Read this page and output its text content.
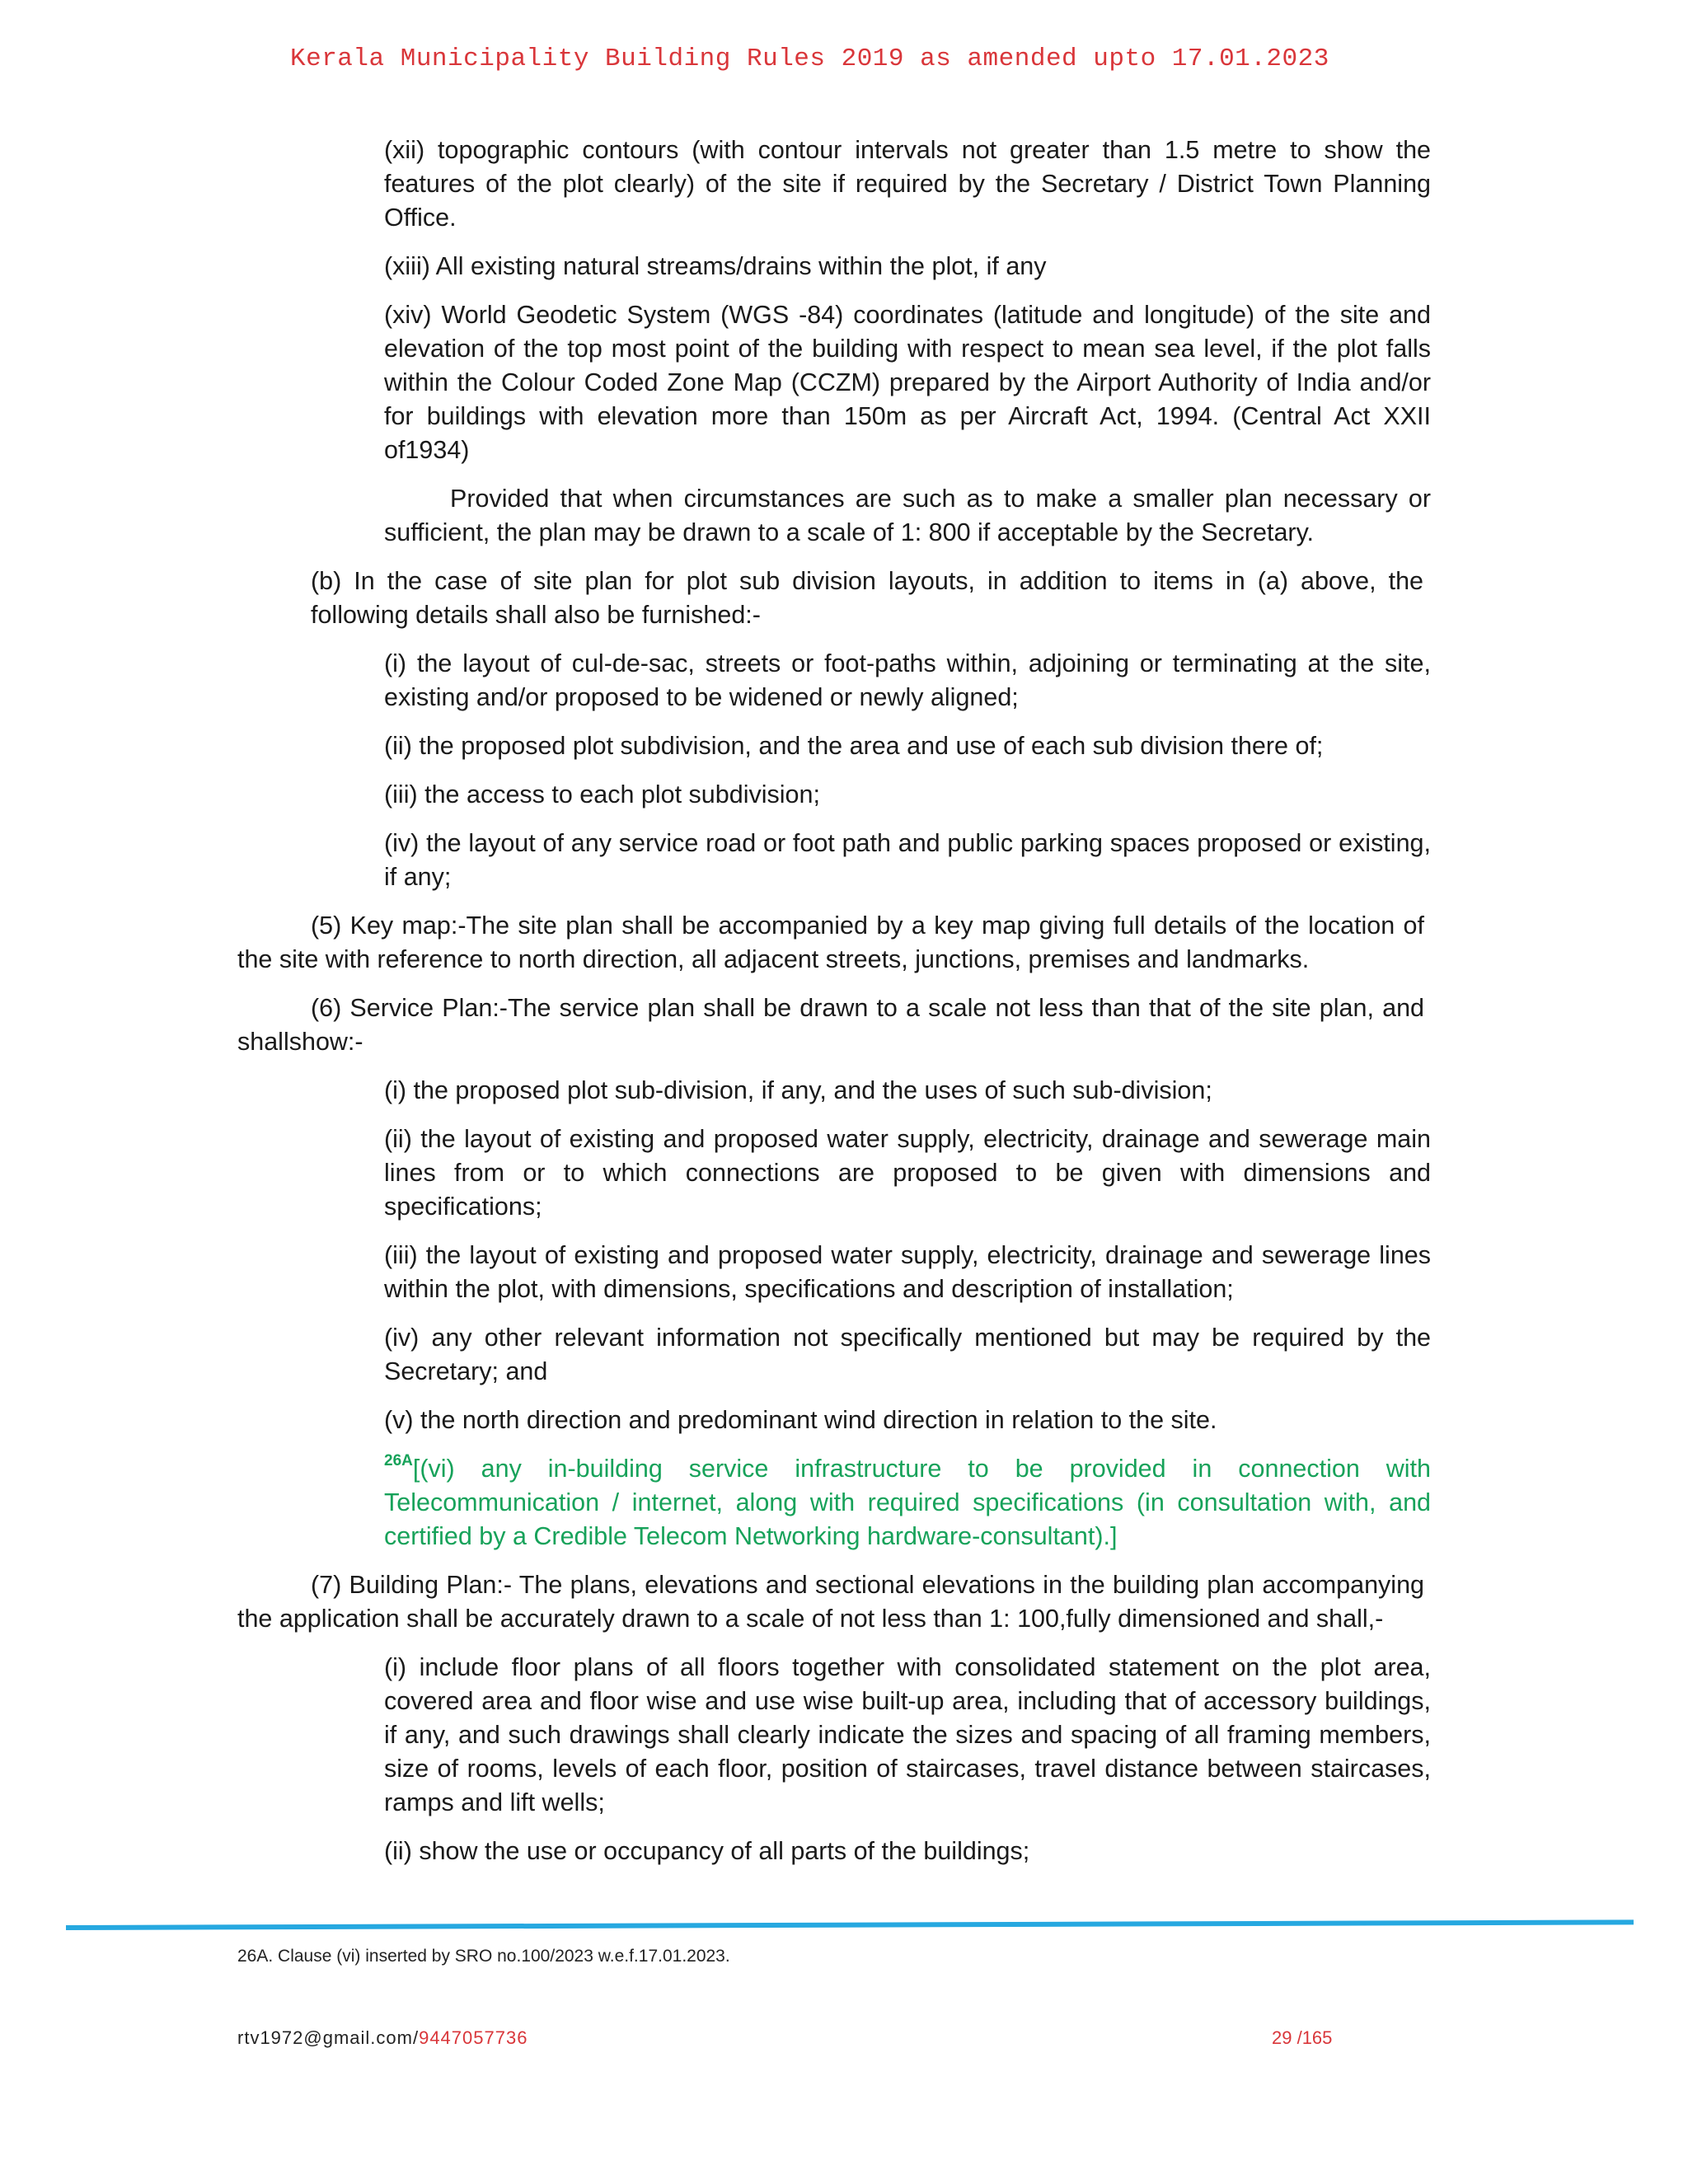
Kerala Municipality Building Rules 2019 as amended upto 17.01.2023
(xii) topographic contours (with contour intervals not greater than 1.5 metre to show the features of the plot clearly) of the site if required by the Secretary / District Town Planning Office.
(xiii) All existing natural streams/drains within the plot, if any
(xiv) World Geodetic System (WGS -84) coordinates (latitude and longitude) of the site and elevation of the top most point of the building with respect to mean sea level, if the plot falls within the Colour Coded Zone Map (CCZM) prepared by the Airport Authority of India and/or for buildings with elevation more than 150m as per Aircraft Act, 1994. (Central Act XXII of1934)
Provided that when circumstances are such as to make a smaller plan necessary or sufficient, the plan may be drawn to a scale of 1: 800 if acceptable by the Secretary.
(b) In the case of site plan for plot sub division layouts, in addition to items in (a) above, the following details shall also be furnished:-
(i) the layout of cul-de-sac, streets or foot-paths within, adjoining or terminating at the site, existing and/or proposed to be widened or newly aligned;
(ii) the proposed plot subdivision, and the area and use of each sub division there of;
(iii) the access to each plot subdivision;
(iv) the layout of any service road or foot path and public parking spaces proposed or existing, if any;
(5) Key map:-The site plan shall be accompanied by a key map giving full details of the location of the site with reference to north direction, all adjacent streets, junctions, premises and landmarks.
(6) Service Plan:-The service plan shall be drawn to a scale not less than that of the site plan, and shallshow:-
(i) the proposed plot sub-division, if any, and the uses of such sub-division;
(ii) the layout of existing and proposed water supply, electricity, drainage and sewerage main lines from or to which connections are proposed to be given with dimensions and specifications;
(iii) the layout of existing and proposed water supply, electricity, drainage and sewerage lines within the plot, with dimensions, specifications and description of installation;
(iv) any other relevant information not specifically mentioned but may be required by the Secretary; and
(v) the north direction and predominant wind direction in relation to the site.
$^{26A}$[(vi) any in-building service infrastructure to be provided in connection with Telecommunication / internet, along with required specifications (in consultation with, and certified by a Credible Telecom Networking hardware-consultant).]
(7) Building Plan:- The plans, elevations and sectional elevations in the building plan accompanying the application shall be accurately drawn to a scale of not less than 1: 100,fully dimensioned and shall,-
(i) include floor plans of all floors together with consolidated statement on the plot area, covered area and floor wise and use wise built-up area, including that of accessory buildings, if any, and such drawings shall clearly indicate the sizes and spacing of all framing members, size of rooms, levels of each floor, position of staircases, travel distance between staircases, ramps and lift wells;
(ii) show the use or occupancy of all parts of the buildings;
26A. Clause (vi) inserted by SRO no.100/2023 w.e.f.17.01.2023.
rtv1972@gmail.com/9447057736	29 /165
